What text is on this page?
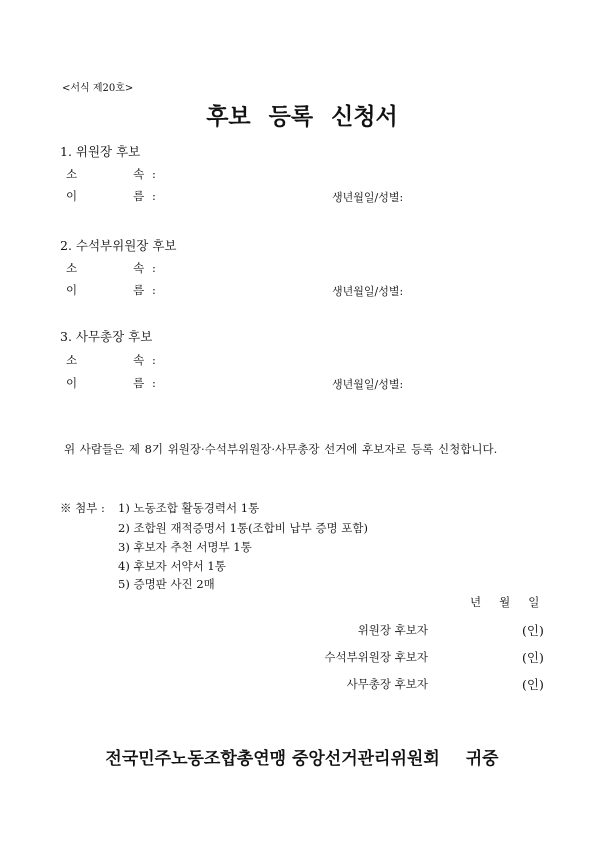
<서식 제20호>
후보 등록 신청서
1. 위원장 후보
소	속 :
이	름 :	생년월일/성별:
2. 수석부위원장 후보
소	속 :
이	름 :	생년월일/성별:
3. 사무총장 후보
소	속 :
이	름 :	생년월일/성별:
위 사람들은 제 8기 위원장·수석부위원장·사무총장 선거에 후보자로 등록 신청합니다.
※ 첨부 : 1) 노동조합 활동경력서 1통
2) 조합원 재적증명서 1통(조합비 납부 증명 포함)
3) 후보자 추천 서명부 1통
4) 후보자 서약서 1통
5) 증명판 사진 2매
년 월 일
위원장 후보자	(인)
수석부위원장 후보자	(인)
사무총장 후보자	(인)
전국민주노동조합총연맹 중앙선거관리위원회 귀중
